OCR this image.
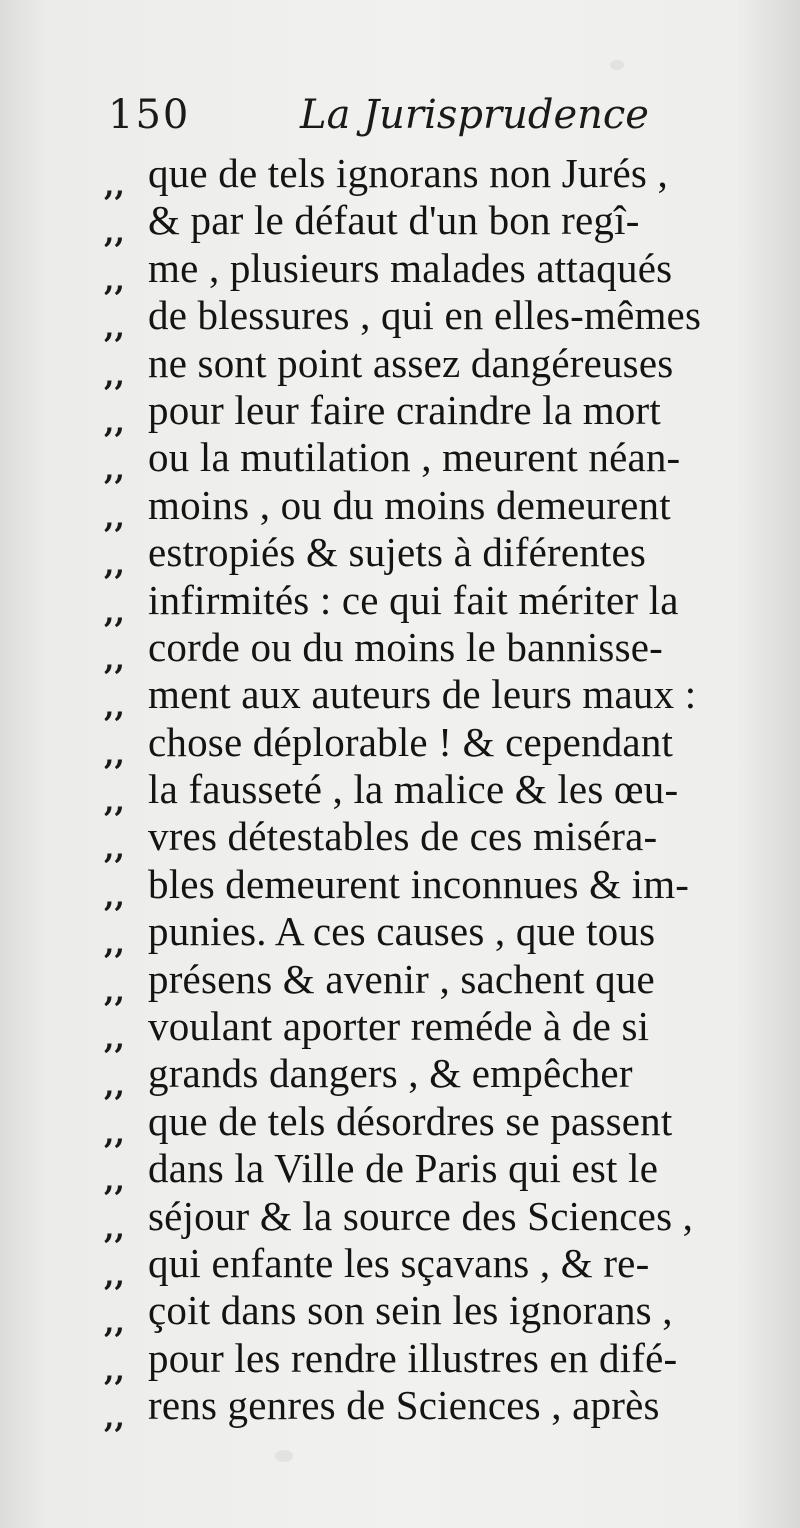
150	La Jurisprudence
,, que de tels ignorans non Jurés ,
,, & par le défaut d'un bon regî-
,, me , plusieurs malades attaqués
,, de blessures , qui en elles-mêmes
,, ne sont point assez dangéreuses
,, pour leur faire craindre la mort
,, ou la mutilation , meurent néan-
,, moins , ou du moins demeurent
,, estropiés & sujets à diférentes
,, infirmités : ce qui fait mériter la
,, corde ou du moins le bannisse-
,, ment aux auteurs de leurs maux :
,, chose déplorable ! & cependant
,, la fausseté , la malice & les œu-
,, vres détestables de ces miséra-
,, bles demeurent inconnues & im-
,, punies. A ces causes , que tous
,, présens & avenir , sachent que
,, voulant aporter reméde à de si
,, grands dangers , & empêcher
,, que de tels désordres se passent
,, dans la Ville de Paris qui est le
,, séjour & la source des Sciences ,
,, qui enfante les sçavans , & re-
,, çoit dans son sein les ignorans ,
,, pour les rendre illustres en difé-
,, rens genres de Sciences , après
